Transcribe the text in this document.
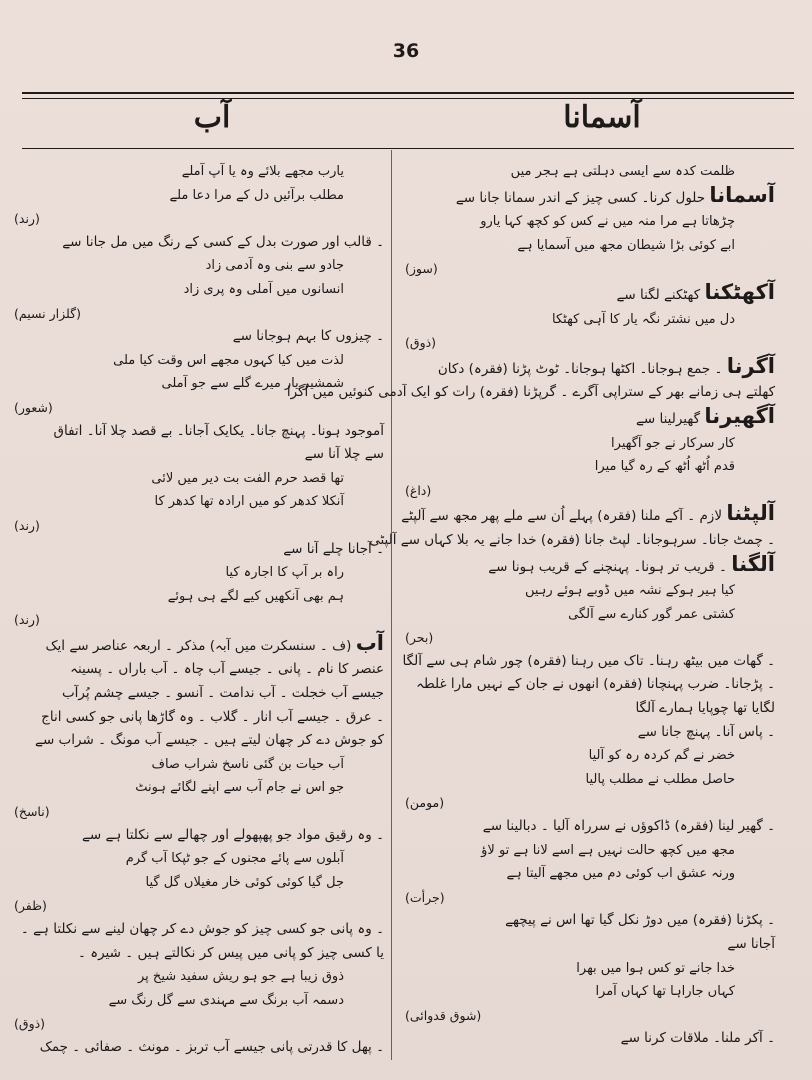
36
آسمانا
آب
ظلمت کدہ سے ایسی دہلتی ہے ہجر میں
آسمانا حلول کرنا۔ کسی چیز کے اندر سمانا جانا سے
چڑھاتا ہے مرا منہ میں نے کس کو کچھ کہا یارو
ابے کوئی بڑا شیطان مجھ میں آسمایا ہے
(سوز)
آکھٹکنا کھٹکنے لگنا سے
دل میں نشتر نگہ یار کا آہی کھٹکا
(ذوق)
آگرنا ۔ جمع ہوجانا۔ اکٹھا ہوجانا۔ ٹوٹ پڑنا (فقرہ) دکان
کھلتے ہی زمانے بھر کے ستراپی آگرے ۔ گرپڑنا (فقرہ) رات کو ایک آدمی کنوئیں میں آگرا
آگھیرنا گھیرلینا سے
کار سرکار نے جو آگھیرا
قدم اُٹھ اُٹھ کے رہ گیا میرا
(داغ)
آلپٹنا لازم ۔ آکے ملنا (فقرہ) پہلے اُن سے ملے پھر مجھ سے آلپٹے
۔ چمٹ جانا۔ سرہوجانا۔ لپٹ جانا (فقرہ) خدا جانے یہ بلا کہاں سے آلپٹی
آلگنا ۔ قریب تر ہونا۔ پہنچنے کے قریب ہونا سے
کیا ہیر ہوکے نشہ میں ڈوبے ہوئے رہیں
کشتی عمر گور کنارے سے آلگی
(بحر)
۔ گھات میں بیٹھ رہنا۔ تاک میں رہنا (فقرہ) چور شام ہی سے آلگا
۔ پڑجانا۔ ضرب پہنچانا (فقرہ) انھوں نے جان کے نہیں مارا غلطہ
لگایا تھا چوپایا ہمارے آلگا
۔ پاس آنا۔ پہنچ جانا سے
خضر نے گم کردہ رہ کو آلیا
حاصل مطلب نے مطلب پالیا
(مومن)
۔ گھیر لینا (فقرہ) ڈاکوؤں نے سرراہ آلیا ۔ دبالینا سے
مجھ میں کچھ حالت نہیں ہے اسے لانا ہے تو لاؤ
ورنہ عشق اب کوئی دم میں مجھے آلیتا ہے
(جرأت)
۔ پکڑنا (فقرہ) میں دوڑ نکل گیا تھا اس نے پیچھے
آجانا سے
خدا جانے تو کس ہوا میں بھرا
کہاں جاراہا تھا کہاں آمرا
(شوق قدوائی)
۔ آکر ملنا۔ ملاقات کرنا سے
یارب مجھے بلائے وہ یا آپ آملے
مطلب برآئیں دل کے مرا دعا ملے
(رند)
۔ قالب اور صورت بدل کے کسی کے رنگ میں مل جانا سے
جادو سے بنی وہ آدمی زاد
انسانوں میں آملی وہ پری زاد
(گلزار نسیم)
۔ چیزوں کا بہم ہوجانا سے
لذت میں کیا کہوں مجھے اس وقت کیا ملی
شمشیر یار میرے گلے سے جو آملی
(شعور)
آموجود ہونا۔ پہنچ جانا۔ یکایک آجانا۔ بے قصد چلا آنا۔ اتفاق
سے چلا آنا سے
تھا قصد حرم الفت بت دیر میں لائی
آنکلا کدھر کو میں ارادہ تھا کدھر کا
(رند)
۔ آجانا چلے آنا سے
راہ بر آپ کا اجارہ کیا
ہم بھی آنکھیں کیے لگے ہی ہوئے
(رند)
آب (ف ۔ سنسکرت میں آبہ) مذکر ۔ اربعہ عناصر سے ایک
عنصر کا نام ۔ پانی ۔ جیسے آب چاہ ۔ آب باراں ۔ پسینہ
جیسے آب خجلت ۔ آب ندامت ۔ آنسو ۔ جیسے چشم پُرآب
۔ عرق ۔ جیسے آب انار ۔ گلاب ۔ وہ گاڑھا پانی جو کسی اناج
کو جوش دے کر چھان لیتے ہیں ۔ جیسے آب مونگ ۔ شراب سے
آب حیات بن گئی ناسخ شراب صاف
جو اس نے جام آب سے اپنے لگائے ہونٹ
(ناسخ)
۔ وہ رقیق مواد جو پھپھولے اور چھالے سے نکلتا ہے سے
آبلوں سے پائے مجنوں کے جو ٹپکا آب گرم
جل گیا کوئی کوئی خار مغیلاں گل گیا
(ظفر)
۔ وہ پانی جو کسی چیز کو جوش دے کر چھان لینے سے نکلتا ہے ۔
یا کسی چیز کو پانی میں پیس کر نکالتے ہیں ۔ شیرہ ۔
ذوق زیبا ہے جو ہو ریش سفید شیخ پر
دسمہ آب برنگ سے مہندی سے گل رنگ سے
(ذوق)
۔ پھل کا قدرتی پانی جیسے آب تربز ۔ مونث ۔ صفائی ۔ چمک
